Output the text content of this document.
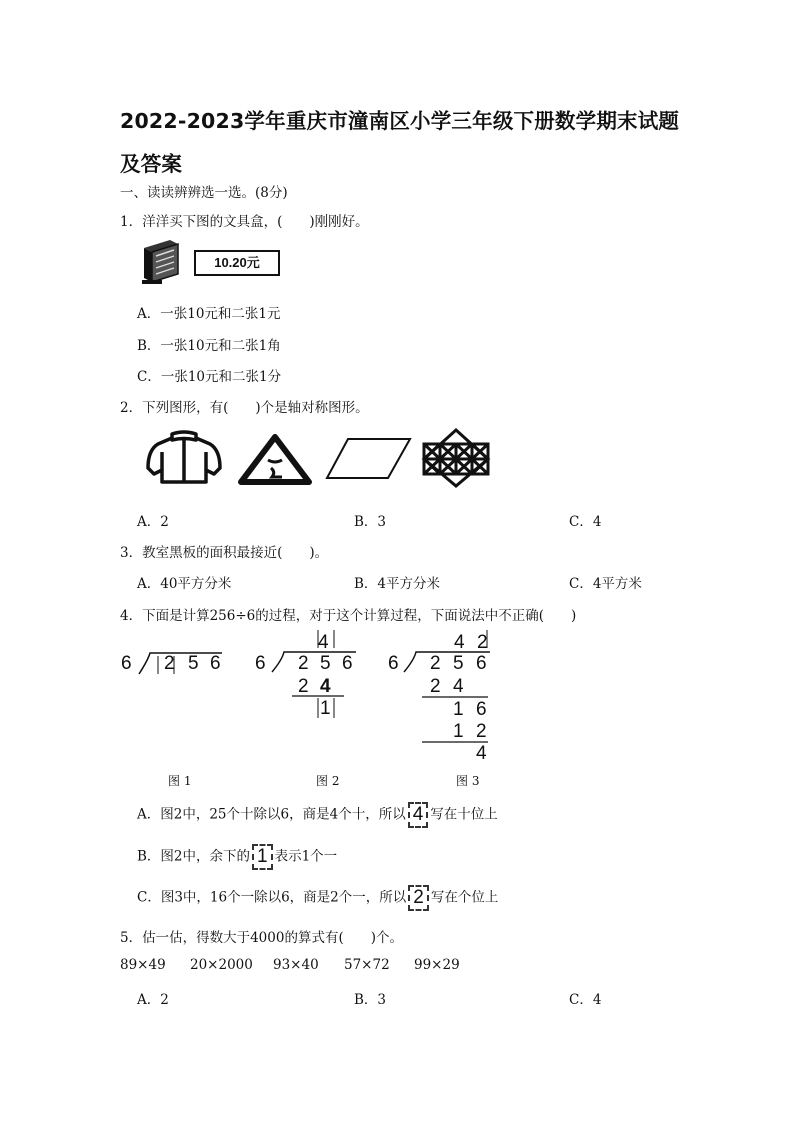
2022-2023学年重庆市潼南区小学三年级下册数学期末试题
及答案
一、读读辨辨选一选。(8分)
1．洋洋买下图的文具盒，(　　)刚刚好。
10.20元
A．一张10元和二张1元
B．一张10元和二张1角
C．一张10元和二张1分
2．下列图形，有(　　)个是轴对称图形。
A．2	B．3	C．4
3．教室黑板的面积最接近(　　)。
A．40平方分米	B．4平方分米	C．4平方米
4．下面是计算256÷6的过程，对于这个计算过程，下面说法中不正确(　　)
6 2 5 6
图 1
4
6 2 5 6
2 4
1
图 2
4 2
6 2 5 6
2 4
1 6
1 2
4
图 3
A．图2中，25个十除以6，商是4个十，所以 4 写在十位上
B．图2中，余下的 1 表示1个一
C．图3中，16个一除以6，商是2个一，所以 2 写在个位上
5．估一估，得数大于4000的算式有(　　)个。
89×49 20×2000 93×40 57×72 99×29
A．2	B．3	C．4
